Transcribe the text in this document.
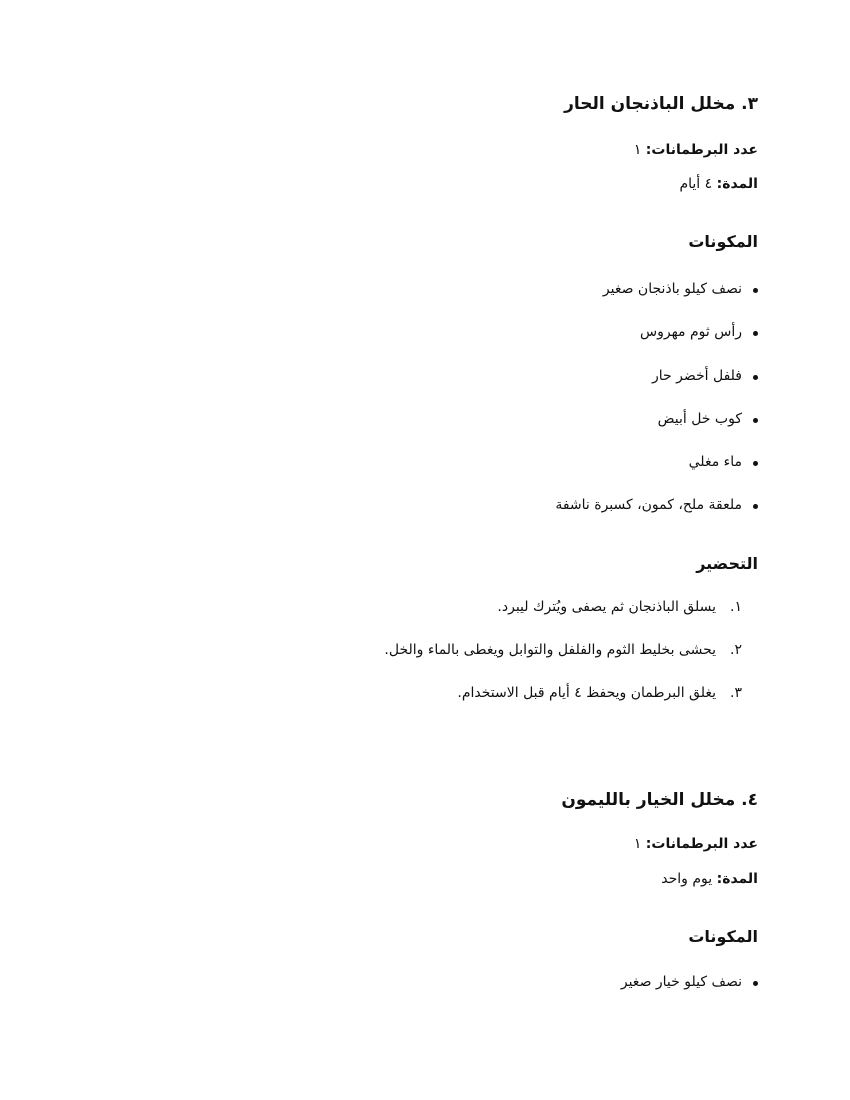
٣. مخلل الباذنجان الحار
عدد البرطمانات: ١
المدة: ٤ أيام
المكونات
نصف كيلو باذنجان صغير
رأس ثوم مهروس
فلفل أخضر حار
كوب خل أبيض
ماء مغلي
ملعقة ملح، كمون، كسبرة ناشفة
التحضير
١.يسلق الباذنجان ثم يصفى ويُترك ليبرد.
٢.يحشى بخليط الثوم والفلفل والتوابل ويغطى بالماء والخل.
٣.يغلق البرطمان ويحفظ ٤ أيام قبل الاستخدام.
٤. مخلل الخيار بالليمون
عدد البرطمانات: ١
المدة: يوم واحد
المكونات
نصف كيلو خيار صغير
